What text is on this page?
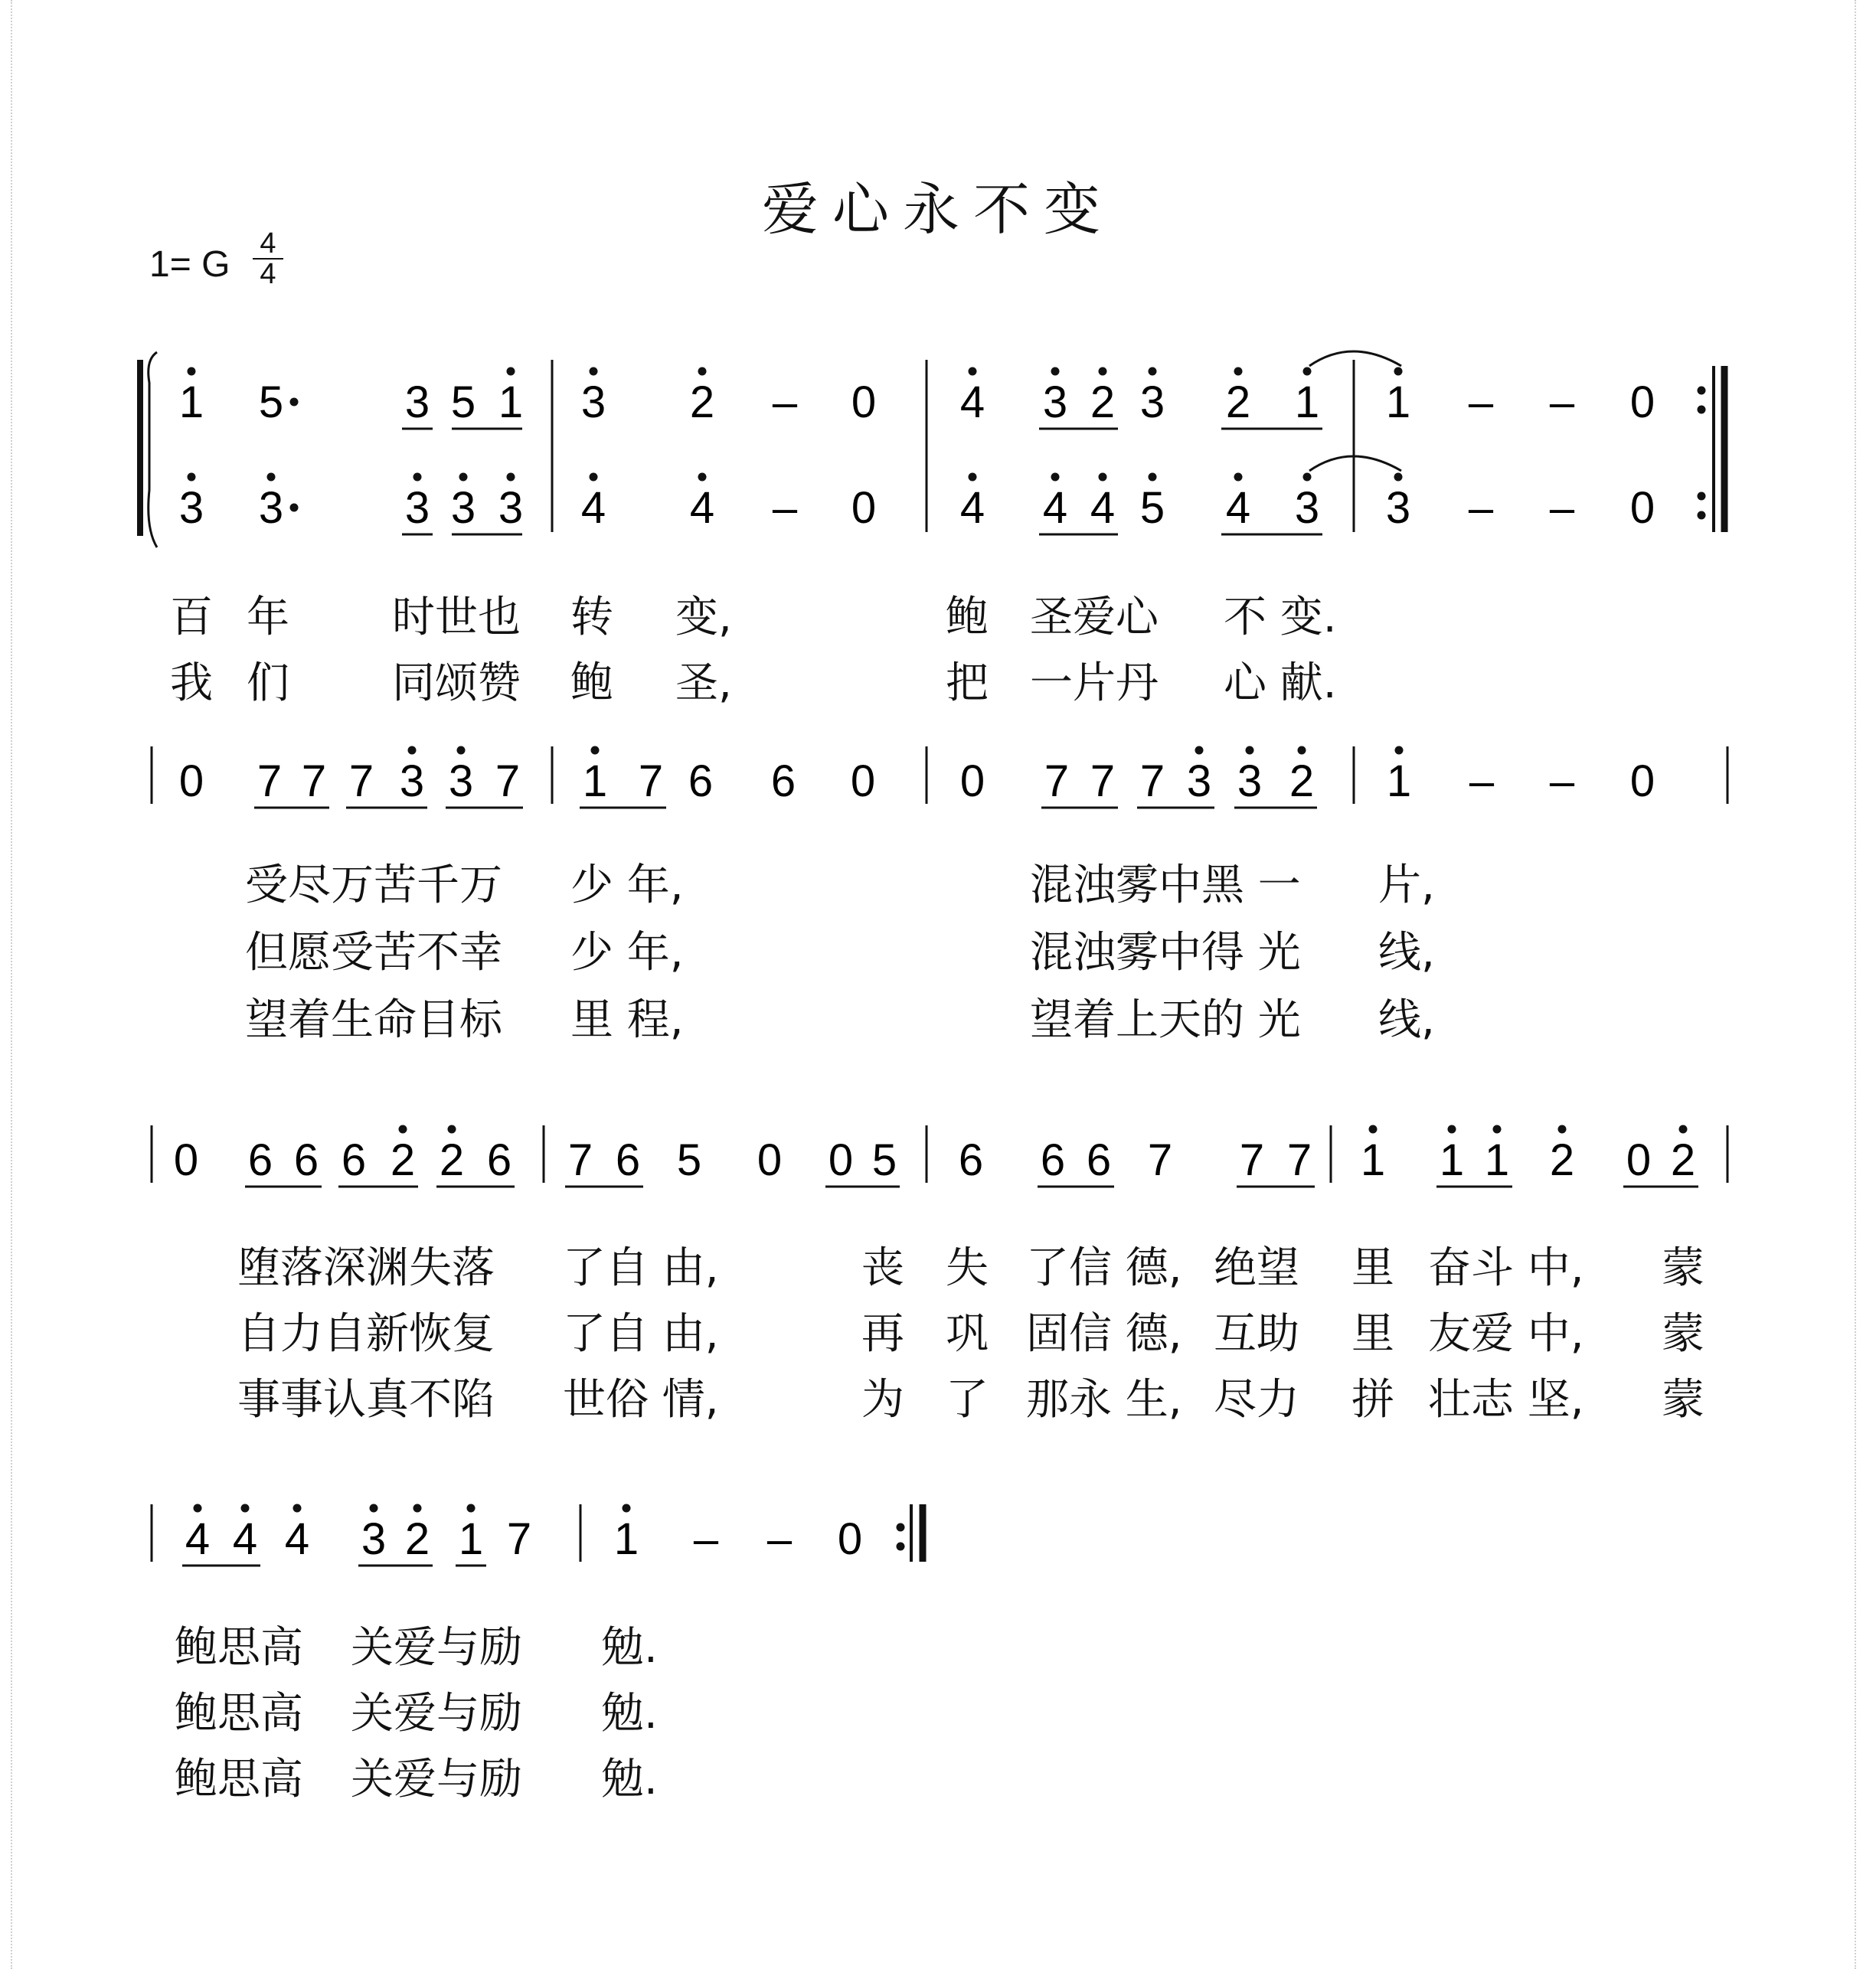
爱心永不变
1= G
4
4
1 5	3 5 1 3 2 – 0 4 3 2 3 2 1 1 – – 0
3 3	3 3 3 4 4 – 0 4 4 4 5 4 3 3 – – 0
0 7 7 7 3 3 7 1 7 6 6 0 0 7 7 7 3 3 2 1 – – 0
0 6 6 6 2 2 6 7 6 5 0 0 5 6 6 6 7 7 7 1 1 1 2 0 2
4 4 4 3 2 1 7 1 – – 0
百 年 时世也 转 变,	鲍 圣爱心 不 变.
我 们 同颂赞 鲍 圣,	把 一片丹 心 献.
受尽万苦千万 少 年,	混浊雾中黑 一 片,
但愿受苦不幸 少 年,	混浊雾中得 光 线,
望着生命目标 里 程,	望着上天的 光 线,
堕落深渊失落 了自 由,	丧 失 了信 德, 绝望 里 奋斗 中, 蒙
自力自新恢复 了自 由,	再 巩 固信 德, 互助 里 友爱 中, 蒙
事事认真不陷 世俗 情,	为 了 那永 生, 尽力 拼 壮志 坚, 蒙
鲍思高 关爱与励 勉.
鲍思高 关爱与励 勉.
鲍思高 关爱与励 勉.
